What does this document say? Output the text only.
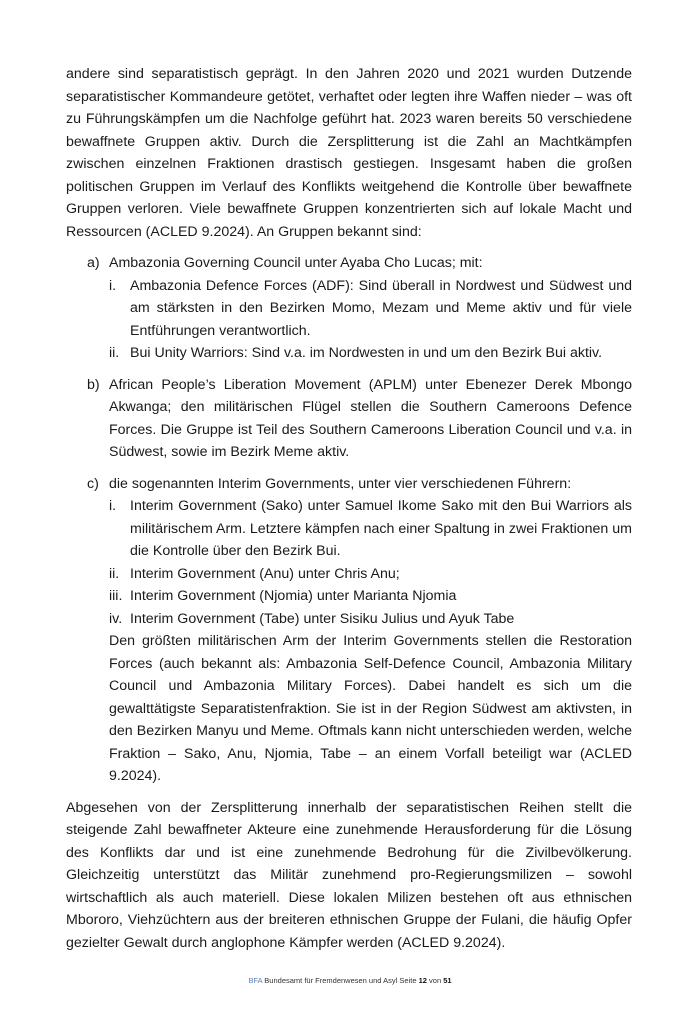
andere sind separatistisch geprägt. In den Jahren 2020 und 2021 wurden Dutzende separatistischer Kommandeure getötet, verhaftet oder legten ihre Waffen nieder – was oft zu Führungskämpfen um die Nachfolge geführt hat. 2023 waren bereits 50 verschiedene bewaffnete Gruppen aktiv. Durch die Zersplitterung ist die Zahl an Machtkämpfen zwischen einzelnen Fraktionen drastisch gestiegen. Insgesamt haben die großen politischen Gruppen im Verlauf des Konflikts weitgehend die Kontrolle über bewaffnete Gruppen verloren. Viele bewaffnete Gruppen konzentrierten sich auf lokale Macht und Ressourcen (ACLED 9.2024). An Gruppen bekannt sind:

a) Ambazonia Governing Council unter Ayaba Cho Lucas; mit:
i. Ambazonia Defence Forces (ADF): Sind überall in Nordwest und Südwest und am stärksten in den Bezirken Momo, Mezam und Meme aktiv und für viele Entführungen verantwortlich.
ii. Bui Unity Warriors: Sind v.a. im Nordwesten in und um den Bezirk Bui aktiv.
b) African People’s Liberation Movement (APLM) unter Ebenezer Derek Mbongo Akwanga; den militärischen Flügel stellen die Southern Cameroons Defence Forces. Die Gruppe ist Teil des Southern Cameroons Liberation Council und v.a. in Südwest, sowie im Bezirk Meme aktiv.
c) die sogenannten Interim Governments, unter vier verschiedenen Führern:
i. Interim Government (Sako) unter Samuel Ikome Sako mit den Bui Warriors als militärischem Arm. Letztere kämpfen nach einer Spaltung in zwei Fraktionen um die Kontrolle über den Bezirk Bui.
ii. Interim Government (Anu) unter Chris Anu;
iii. Interim Government (Njomia) unter Marianta Njomia
iv. Interim Government (Tabe) unter Sisiku Julius und Ayuk Tabe

Den größten militärischen Arm der Interim Governments stellen die Restoration Forces (auch bekannt als: Ambazonia Self-Defence Council, Ambazonia Military Council und Ambazonia Military Forces). Dabei handelt es sich um die gewalttätigste Separatistenfraktion. Sie ist in der Region Südwest am aktivsten, in den Bezirken Manyu und Meme. Oftmals kann nicht unterschieden werden, welche Fraktion – Sako, Anu, Njomia, Tabe – an einem Vorfall beteiligt war (ACLED 9.2024).

Abgesehen von der Zersplitterung innerhalb der separatistischen Reihen stellt die steigende Zahl bewaffneter Akteure eine zunehmende Herausforderung für die Lösung des Konflikts dar und ist eine zunehmende Bedrohung für die Zivilbevölkerung. Gleichzeitig unterstützt das Militär zunehmend pro-Regierungsmilizen – sowohl wirtschaftlich als auch materiell. Diese lokalen Milizen bestehen oft aus ethnischen Mbororo, Viehzüchtern aus der breiteren ethnischen Gruppe der Fulani, die häufig Opfer gezielter Gewalt durch anglophone Kämpfer werden (ACLED 9.2024).

BFA Bundesamt für Fremdenwesen und Asyl Seite 12 von 51
